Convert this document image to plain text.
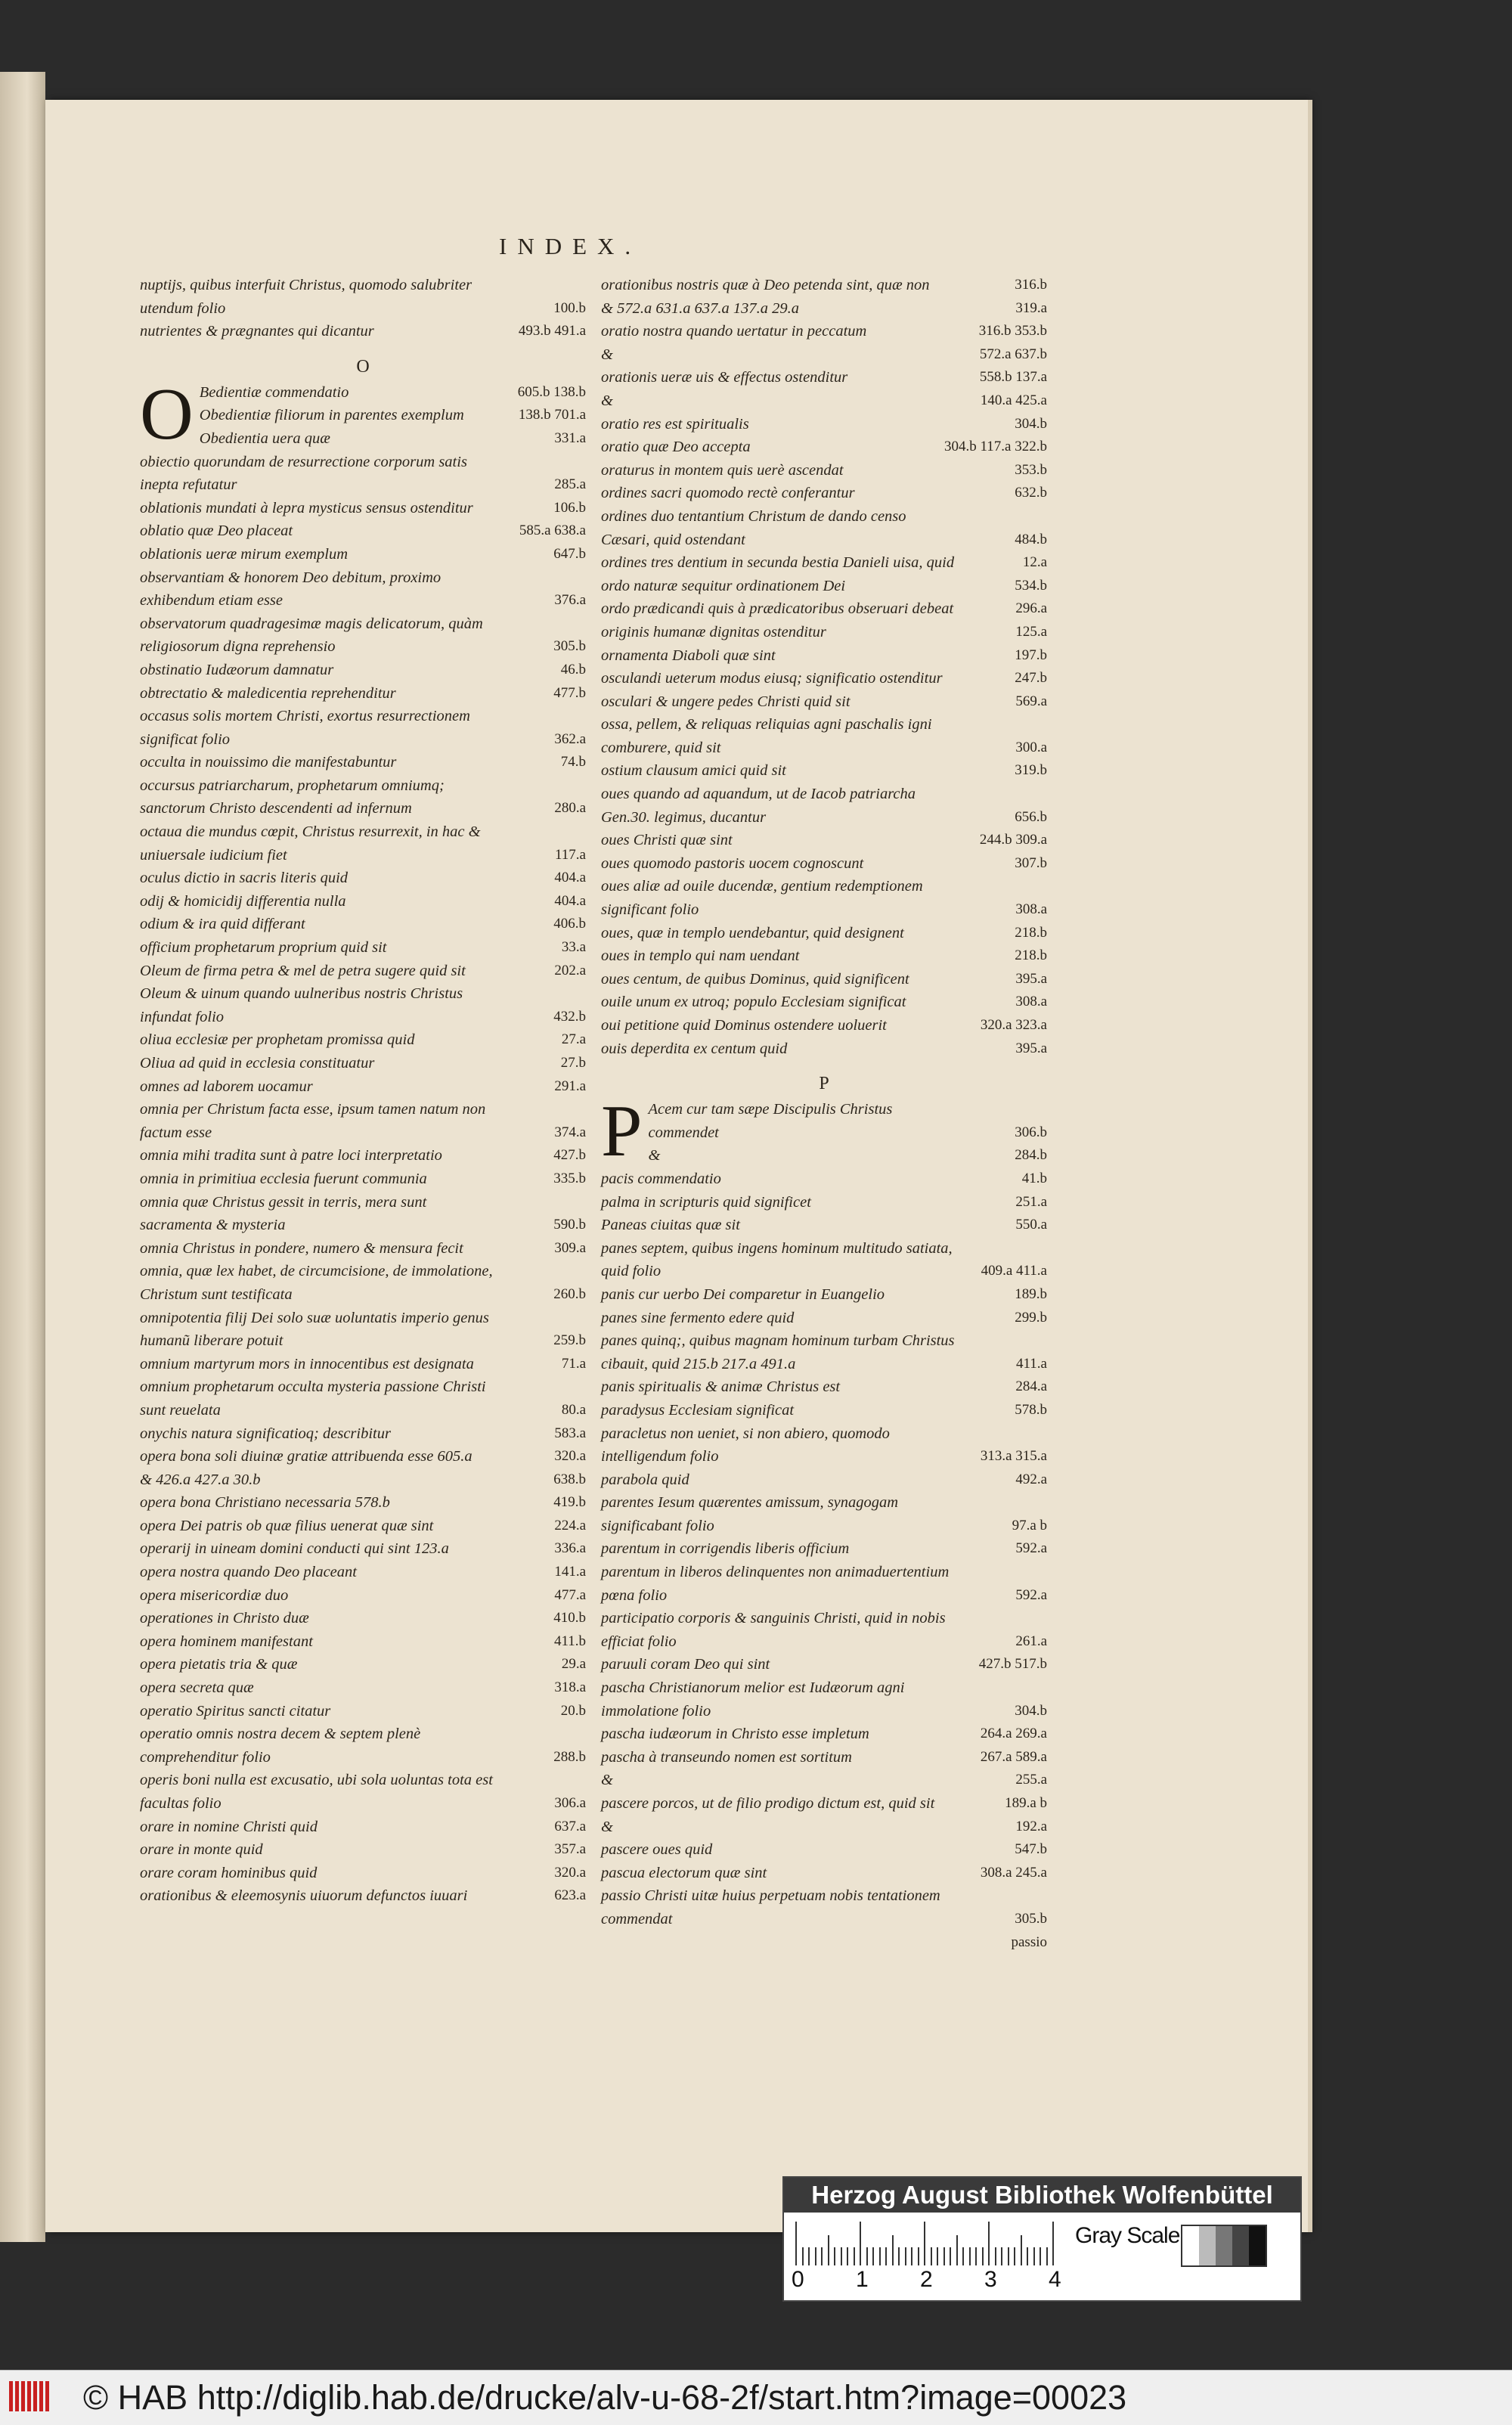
INDEX.
nuptijs, quibus interfuit Christus, quomodo salubriter utendum folio	100.b
nutrientes & prægnantes qui dicantur	493.b 491.a
O
O Bedientiæ commendatio	605.b 138.b
Obedientiæ filiorum in parentes exemplum	138.b 701.a
Obedientia uera quæ	331.a
obiectio quorundam de resurrectione corporum satis inepta refutatur	285.a
oblationis mundati à lepra mysticus sensus ostenditur	106.b
oblatio quæ Deo placeat	585.a 638.a
oblationis ueræ mirum exemplum	647.b
observantiam & honorem Deo debitum, proximo exhibendum etiam esse	376.a
observatorum quadragesimæ magis delicatorum, quàm religiosorum digna reprehensio	305.b
obstinatio Iudæorum damnatur	46.b
obtrectatio & maledicentia reprehenditur	477.b
occasus solis mortem Christi, exortus resurrectionem significat folio	362.a
occulta in nouissimo die manifestabuntur	74.b
occursus patriarcharum, prophetarum omniumq; sanctorum Christo descendenti ad infernum	280.a
octaua die mundus cœpit, Christus resurrexit, in hac & uniuersale iudicium fiet	117.a
oculus dictio in sacris literis quid	404.a
odij & homicidij differentia nulla	404.a
odium & ira quid differant	406.b
officium prophetarum proprium quid sit	33.a
Oleum de firma petra & mel de petra sugere quid sit	202.a
Oleum & uinum quando uulneribus nostris Christus infundat folio	432.b
oliua ecclesiæ per prophetam promissa quid	27.a
Oliua ad quid in ecclesia constituatur	27.b
omnes ad laborem uocamur	291.a
omnia per Christum facta esse, ipsum tamen natum non factum esse	374.a
omnia mihi tradita sunt à patre loci interpretatio	427.b
omnia in primitiua ecclesia fuerunt communia	335.b
omnia quæ Christus gessit in terris, mera sunt sacramenta & mysteria	590.b
omnia Christus in pondere, numero & mensura fecit	309.a
omnia, quæ lex habet, de circumcisione, de immolatione, Christum sunt testificata	260.b
omnipotentia filij Dei solo suæ uoluntatis imperio genus humanũ liberare potuit	259.b
omnium martyrum mors in innocentibus est designata	71.a
omnium prophetarum occulta mysteria passione Christi sunt reuelata	80.a
onychis natura significatioq; describitur	583.a
opera bona soli diuinæ gratiæ attribuenda esse 605.a	320.a
& 426.a 427.a 30.b	638.b
opera bona Christiano necessaria 578.b	419.b
opera Dei patris ob quæ filius uenerat quæ sint	224.a
operarij in uineam domini conducti qui sint 123.a	336.a
opera nostra quando Deo placeant	141.a
opera misericordiæ duo	477.a
operationes in Christo duæ	410.b
opera hominem manifestant	411.b
opera pietatis tria & quæ	29.a
opera secreta quæ	318.a
operatio Spiritus sancti citatur	20.b
operatio omnis nostra decem & septem plenè comprehenditur folio	288.b
operis boni nulla est excusatio, ubi sola uoluntas tota est facultas folio	306.a
orare in nomine Christi quid	637.a
orare in monte quid	357.a
orare coram hominibus quid	320.a
orationibus & eleemosynis uiuorum defunctos iuuari	623.a
orationibus nostris quæ à Deo petenda sint, quæ non	316.b
& 572.a 631.a 637.a 137.a 29.a	319.a
oratio nostra quando uertatur in peccatum	316.b 353.b
&	572.a 637.b
orationis ueræ uis & effectus ostenditur	558.b 137.a
&	140.a 425.a
oratio res est spiritualis	304.b
oratio quæ Deo accepta	304.b 117.a 322.b
oraturus in montem quis uerè ascendat	353.b
ordines sacri quomodo rectè conferantur	632.b
ordines duo tentantium Christum de dando censo Cæsari, quid ostendant	484.b
ordines tres dentium in secunda bestia Danieli uisa, quid	12.a
ordo naturæ sequitur ordinationem Dei	534.b
ordo prædicandi quis à prædicatoribus obseruari debeat	296.a
originis humanæ dignitas ostenditur	125.a
ornamenta Diaboli quæ sint	197.b
osculandi ueterum modus eiusq; significatio ostenditur	247.b
osculari & ungere pedes Christi quid sit	569.a
ossa, pellem, & reliquas reliquias agni paschalis igni comburere, quid sit	300.a
ostium clausum amici quid sit	319.b
oues quando ad aquandum, ut de Iacob patriarcha Gen.30. legimus, ducantur	656.b
oues Christi quæ sint	244.b 309.a
oues quomodo pastoris uocem cognoscunt	307.b
oues aliæ ad ouile ducendæ, gentium redemptionem significant folio	308.a
oues, quæ in templo uendebantur, quid designent	218.b
oues in templo qui nam uendant	218.b
oues centum, de quibus Dominus, quid significent	395.a
ouile unum ex utroq; populo Ecclesiam significat	308.a
oui petitione quid Dominus ostendere uoluerit	320.a 323.a
ouis deperdita ex centum quid	395.a
P
P Acem cur tam sæpe Discipulis Christus commendet	306.b
&	284.b
pacis commendatio	41.b
palma in scripturis quid significet	251.a
Paneas ciuitas quæ sit	550.a
panes septem, quibus ingens hominum multitudo satiata, quid folio	409.a 411.a
panis cur uerbo Dei comparetur in Euangelio	189.b
panes sine fermento edere quid	299.b
panes quinq;, quibus magnam hominum turbam Christus cibauit, quid 215.b 217.a 491.a	411.a
panis spiritualis & animæ Christus est	284.a
paradysus Ecclesiam significat	578.b
paracletus non ueniet, si non abiero, quomodo intelligendum folio	313.a 315.a
parabola quid	492.a
parentes Iesum quærentes amissum, synagogam significabant folio	97.a b
parentum in corrigendis liberis officium	592.a
parentum in liberos delinquentes non animaduertentium pœna folio	592.a
participatio corporis & sanguinis Christi, quid in nobis efficiat folio	261.a
paruuli coram Deo qui sint	427.b 517.b
pascha Christianorum melior est Iudæorum agni immolatione folio	304.b
pascha iudæorum in Christo esse impletum	264.a 269.a
pascha à transeundo nomen est sortitum	267.a 589.a
&	255.a
pascere porcos, ut de filio prodigo dictum est, quid sit	189.a b
&	192.a
pascere oues quid	547.b
pascua electorum quæ sint	308.a 245.a
passio Christi uitæ huius perpetuam nobis tentationem commendat	305.b
passio
Herzog August Bibliothek Wolfenbüttel
0 1 2 3 4
Gray Scale
© HAB http://diglib.hab.de/drucke/alv-u-68-2f/start.htm?image=00023
